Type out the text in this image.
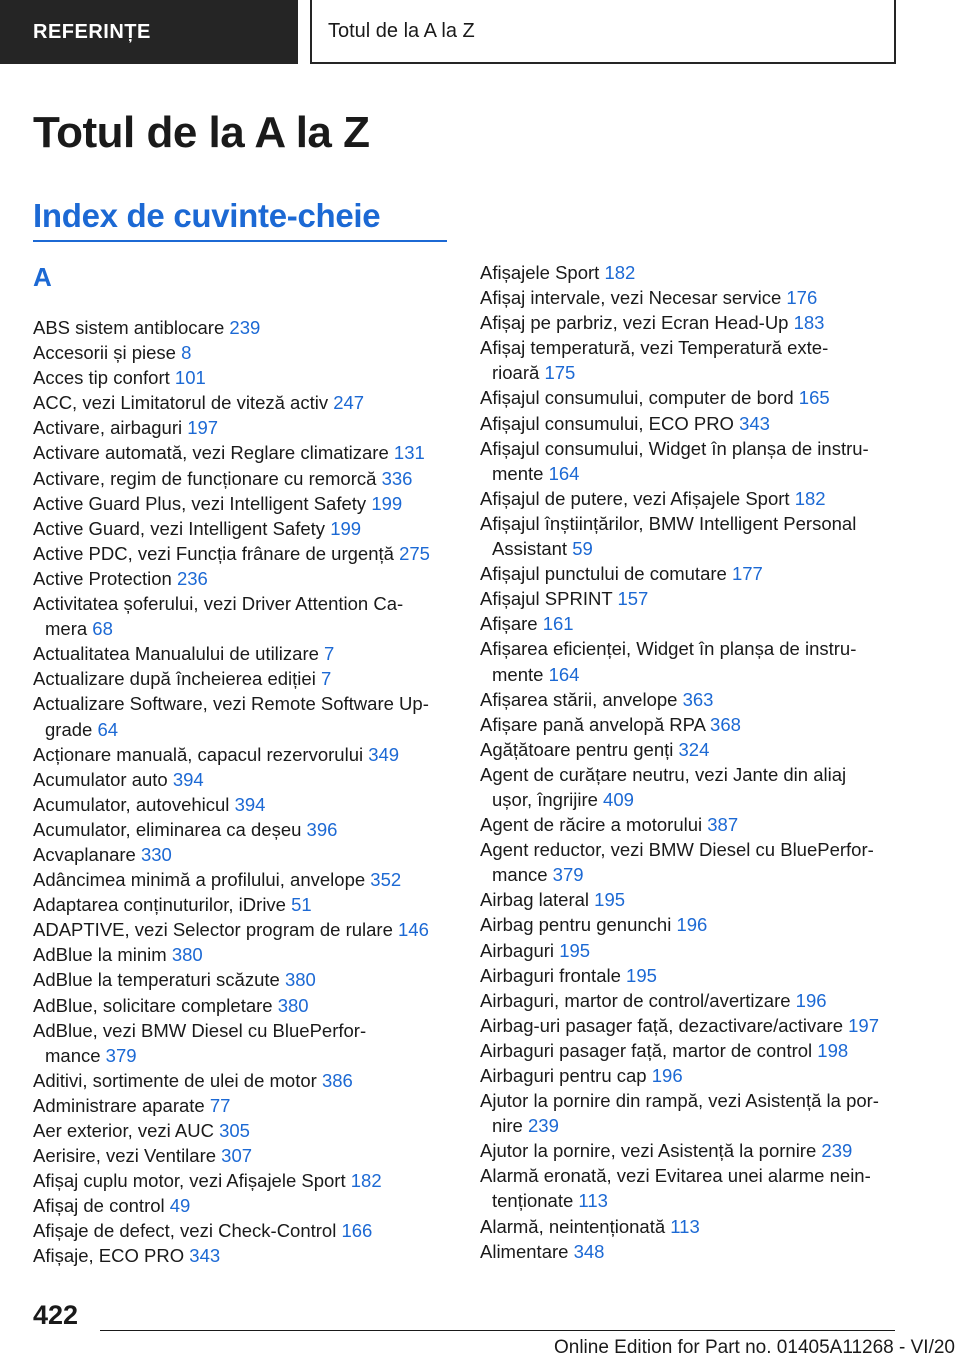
REFERINȚE	Totul de la A la Z
Totul de la A la Z
Index de cuvinte-cheie
A
ABS sistem antiblocare 239
Accesorii și piese 8
Acces tip confort 101
ACC, vezi Limitatorul de viteză activ 247
Activare, airbaguri 197
Activare automată, vezi Reglare climatizare 131
Activare, regim de funcționare cu remorcă 336
Active Guard Plus, vezi Intelligent Safety 199
Active Guard, vezi Intelligent Safety 199
Active PDC, vezi Funcția frânare de urgență 275
Active Protection 236
Activitatea șoferului, vezi Driver Attention Ca-
mera 68
Actualitatea Manualului de utilizare 7
Actualizare după încheierea ediției 7
Actualizare Software, vezi Remote Software Up-
grade 64
Acționare manuală, capacul rezervorului 349
Acumulator auto 394
Acumulator, autovehicul 394
Acumulator, eliminarea ca deșeu 396
Acvaplanare 330
Adâncimea minimă a profilului, anvelope 352
Adaptarea conținuturilor, iDrive 51
ADAPTIVE, vezi Selector program de rulare 146
AdBlue la minim 380
AdBlue la temperaturi scăzute 380
AdBlue, solicitare completare 380
AdBlue, vezi BMW Diesel cu BluePerfor-
mance 379
Aditivi, sortimente de ulei de motor 386
Administrare aparate 77
Aer exterior, vezi AUC 305
Aerisire, vezi Ventilare 307
Afișaj cuplu motor, vezi Afișajele Sport 182
Afișaj de control 49
Afișaje de defect, vezi Check-Control 166
Afișaje, ECO PRO 343
Afișajele Sport 182
Afișaj intervale, vezi Necesar service 176
Afișaj pe parbriz, vezi Ecran Head-Up 183
Afișaj temperatură, vezi Temperatură exte-
rioară 175
Afișajul consumului, computer de bord 165
Afișajul consumului, ECO PRO 343
Afișajul consumului, Widget în planșa de instru-
mente 164
Afișajul de putere, vezi Afișajele Sport 182
Afișajul înștiințărilor, BMW Intelligent Personal
Assistant 59
Afișajul punctului de comutare 177
Afișajul SPRINT 157
Afișare 161
Afișarea eficienței, Widget în planșa de instru-
mente 164
Afișarea stării, anvelope 363
Afișare pană anvelopă RPA 368
Agățătoare pentru genți 324
Agent de curățare neutru, vezi Jante din aliaj
ușor, îngrijire 409
Agent de răcire a motorului 387
Agent reductor, vezi BMW Diesel cu BluePerfor-
mance 379
Airbag lateral 195
Airbag pentru genunchi 196
Airbaguri 195
Airbaguri frontale 195
Airbaguri, martor de control/avertizare 196
Airbag-uri pasager față, dezactivare/activare 197
Airbaguri pasager față, martor de control 198
Airbaguri pentru cap 196
Ajutor la pornire din rampă, vezi Asistență la por-
nire 239
Ajutor la pornire, vezi Asistență la pornire 239
Alarmă eronată, vezi Evitarea unei alarme nein-
tenționate 113
Alarmă, neintenționată 113
Alimentare 348
422
Online Edition for Part no. 01405A11268 - VI/20
